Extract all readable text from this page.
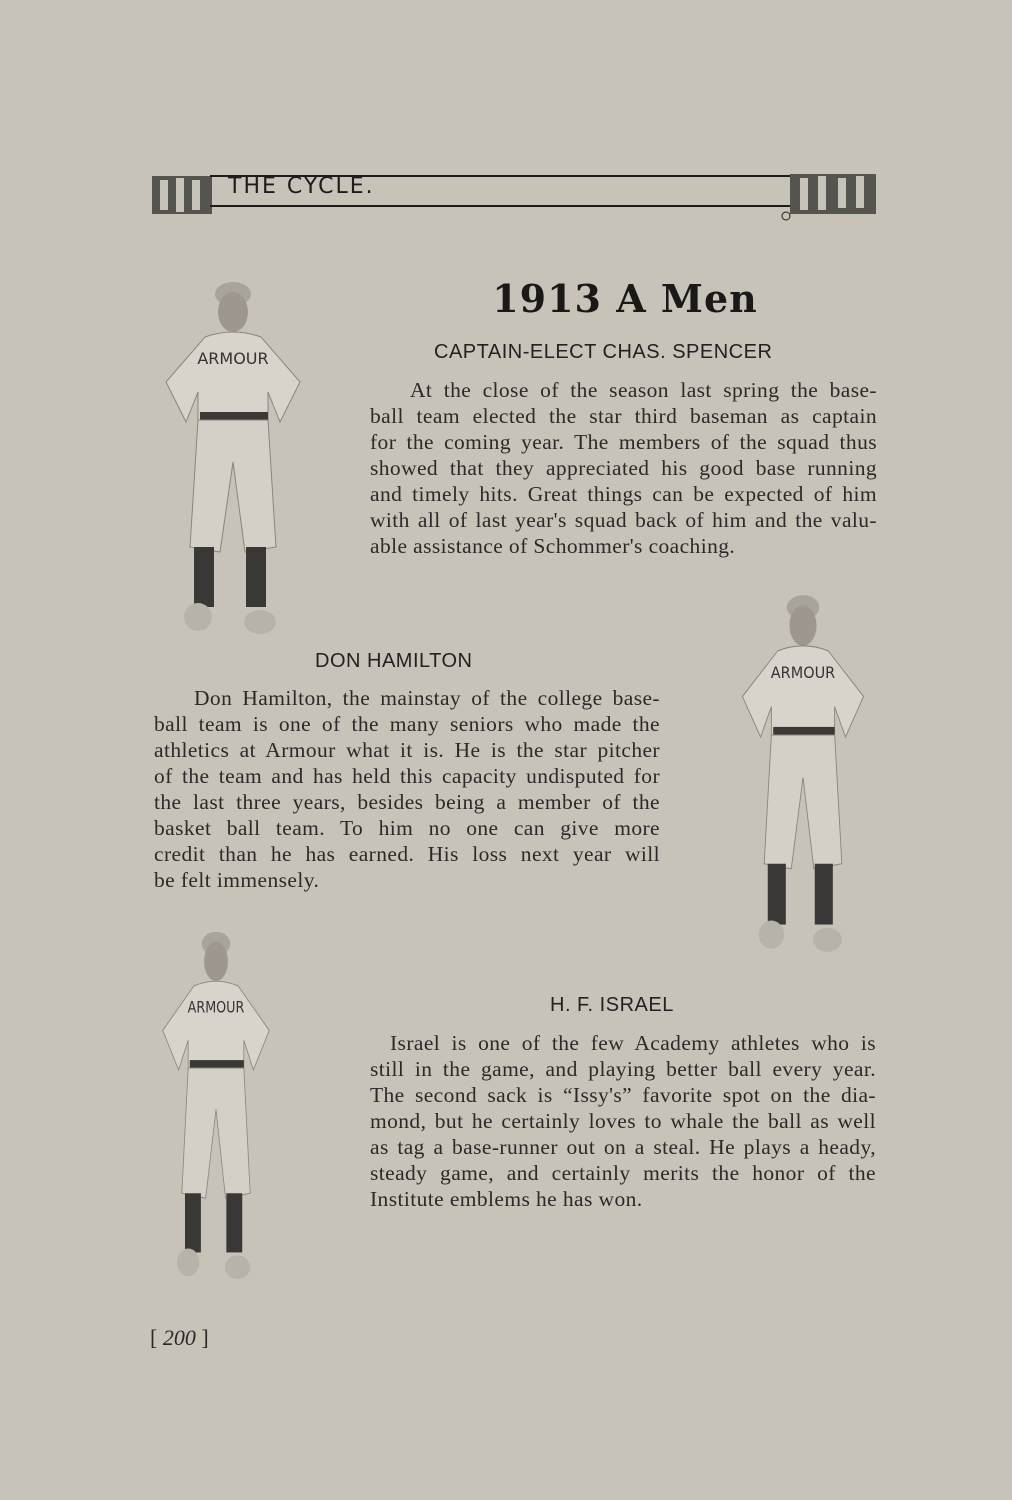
THE CYCLE.
1913 A Men
CAPTAIN-ELECT CHAS. SPENCER
At the close of the season last spring the base-
ball team elected the star third baseman as captain
for the coming year. The members of the squad thus
showed that they appreciated his good base running
and timely hits. Great things can be expected of him
with all of last year's squad back of him and the valu-
able assistance of Schommer's coaching.
DON HAMILTON
Don Hamilton, the mainstay of the college base-
ball team is one of the many seniors who made the
athletics at Armour what it is. He is the star pitcher
of the team and has held this capacity undisputed for
the last three years, besides being a member of the
basket ball team. To him no one can give more
credit than he has earned. His loss next year will
be felt immensely.
H. F. ISRAEL
Israel is one of the few Academy athletes who is
still in the game, and playing better ball every year.
The second sack is “Issy's” favorite spot on the dia-
mond, but he certainly loves to whale the ball as well
as tag a base-runner out on a steal. He plays a heady,
steady game, and certainly merits the honor of the
Institute emblems he has won.
ARMOUR
ARMOUR
ARMOUR
[ 200 ]
